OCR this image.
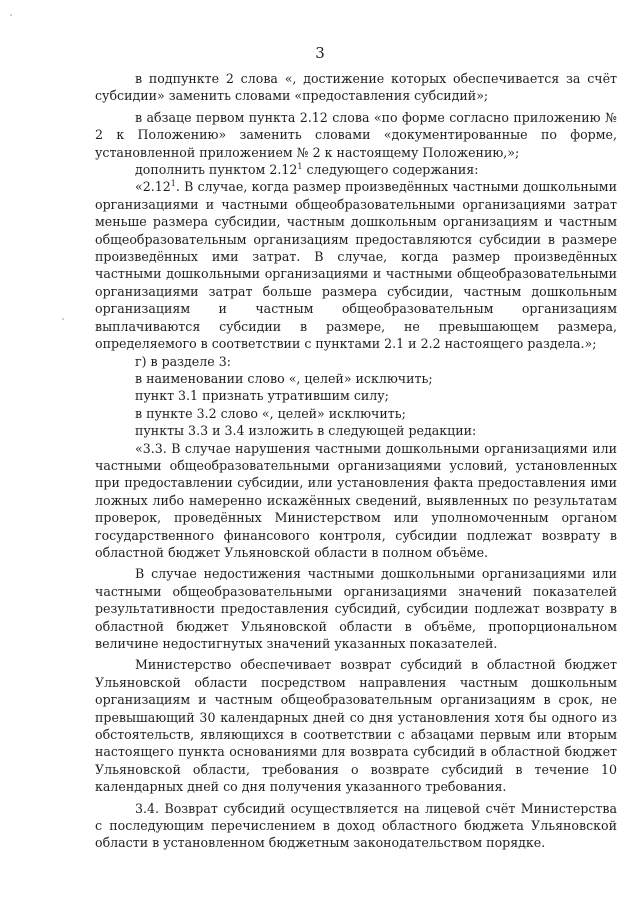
3

в подпункте 2 слова «, достижение которых обеспечивается за счёт субсидии» заменить словами «предоставления субсидий»;

в абзаце первом пункта 2.12 слова «по форме согласно приложению № 2 к Положению» заменить словами «документированные по форме, установленной приложением № 2 к настоящему Положению,»;

дополнить пунктом 2.12$^1$ следующего содержания:

«2.12$^1$. В случае, когда размер произведённых частными дошкольными организациями и частными общеобразовательными организациями затрат меньше размера субсидии, частным дошкольным организациям и частным общеобразовательным организациям предоставляются субсидии в размере произведённых ими затрат. В случае, когда размер произведённых частными дошкольными организациями и частными общеобразовательными организациями затрат больше размера субсидии, частным дошкольным организациям и частным общеобразовательным организациям выплачиваются субсидии в размере, не превышающем размера, определяемого в соответствии с пунктами 2.1 и 2.2 настоящего раздела.»;

г) в разделе 3:

в наименовании слово «, целей» исключить;

пункт 3.1 признать утратившим силу;

в пункте 3.2 слово «, целей» исключить;

пункты 3.3 и 3.4 изложить в следующей редакции:

«3.3. В случае нарушения частными дошкольными организациями или частными общеобразовательными организациями условий, установленных при предоставлении субсидии, или установления факта предоставления ими ложных либо намеренно искажённых сведений, выявленных по результатам проверок, проведённых Министерством или уполномоченным органом государственного финансового контроля, субсидии подлежат возврату в областной бюджет Ульяновской области в полном объёме.

В случае недостижения частными дошкольными организациями или частными общеобразовательными организациями значений показателей результативности предоставления субсидий, субсидии подлежат возврату в областной бюджет Ульяновской области в объёме, пропорциональном величине недостигнутых значений указанных показателей.

Министерство обеспечивает возврат субсидий в областной бюджет Ульяновской области посредством направления частным дошкольным организациям и частным общеобразовательным организациям в срок, не превышающий 30 календарных дней со дня установления хотя бы одного из обстоятельств, являющихся в соответствии с абзацами первым или вторым настоящего пункта основаниями для возврата субсидий в областной бюджет Ульяновской области, требования о возврате субсидий в течение 10 календарных дней со дня получения указанного требования.

3.4. Возврат субсидий осуществляется на лицевой счёт Министерства с последующим перечислением в доход областного бюджета Ульяновской области в установленном бюджетным законодательством порядке.
